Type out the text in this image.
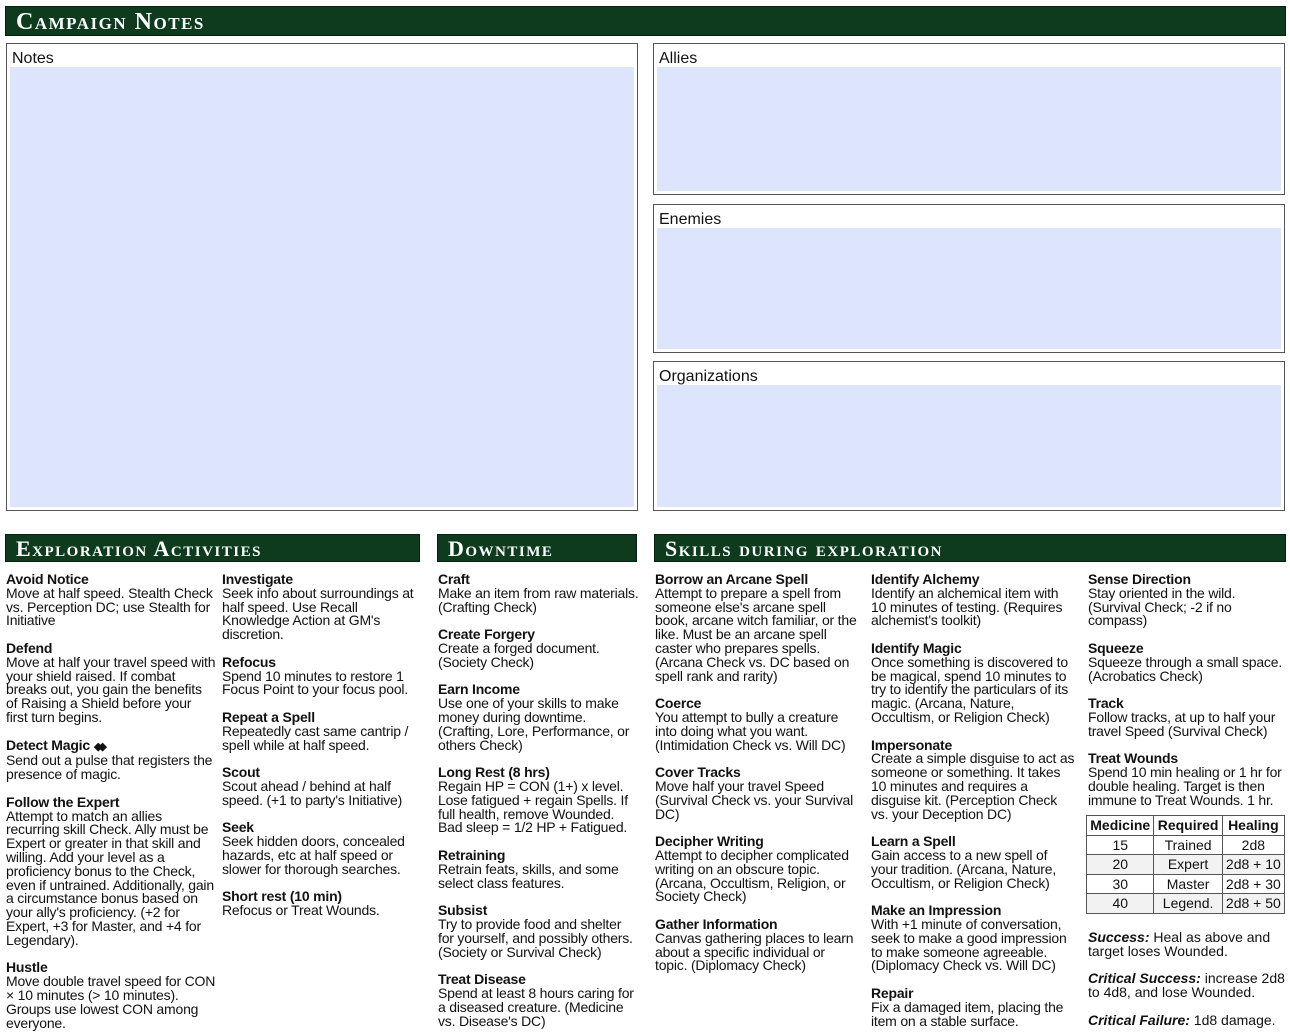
Campaign Notes
Notes	Allies
Enemies
Organizations
Exploration Activities	Downtime	Skills during exploration
Avoid Notice
Move at half speed. Stealth Check vs. Perception DC; use Stealth for Initiative
Defend
Move at half your travel speed with your shield raised. If combat breaks out, you gain the benefits of Raising a Shield before your first turn begins.
Detect Magic ◆◆
Send out a pulse that registers the presence of magic.
Follow the Expert
Attempt to match an allies recurring skill Check. Ally must be Expert or greater in that skill and willing. Add your level as a proficiency bonus to the Check, even if untrained. Additionally, gain a circumstance bonus based on your ally's proficiency. (+2 for Expert, +3 for Master, and +4 for Legendary).
Hustle
Move double travel speed for CON × 10 minutes (> 10 minutes). Groups use lowest CON among everyone.
Investigate
Seek info about surroundings at half speed. Use Recall Knowledge Action at GM's discretion.
Refocus
Spend 10 minutes to restore 1 Focus Point to your focus pool.
Repeat a Spell
Repeatedly cast same cantrip / spell while at half speed.
Scout
Scout ahead / behind at half speed. (+1 to party's Initiative)
Seek
Seek hidden doors, concealed hazards, etc at half speed or slower for thorough searches.
Short rest (10 min)
Refocus or Treat Wounds.
Craft
Make an item from raw materials. (Crafting Check)
Create Forgery
Create a forged document. (Society Check)
Earn Income
Use one of your skills to make money during downtime. (Crafting, Lore, Performance, or others Check)
Long Rest (8 hrs)
Regain HP = CON (1+) x level. Lose fatigued + regain Spells. If full health, remove Wounded. Bad sleep = 1/2 HP + Fatigued.
Retraining
Retrain feats, skills, and some select class features.
Subsist
Try to provide food and shelter for yourself, and possibly others. (Society or Survival Check)
Treat Disease
Spend at least 8 hours caring for a diseased creature. (Medicine vs. Disease's DC)
Borrow an Arcane Spell
Attempt to prepare a spell from someone else's arcane spell book, arcane witch familiar, or the like. Must be an arcane spell caster who prepares spells. (Arcana Check vs. DC based on spell rank and rarity)
Coerce
You attempt to bully a creature into doing what you want. (Intimidation Check vs. Will DC)
Cover Tracks
Move half your travel Speed (Survival Check vs. your Survival DC)
Decipher Writing
Attempt to decipher complicated writing on an obscure topic. (Arcana, Occultism, Religion, or Society Check)
Gather Information
Canvas gathering places to learn about a specific individual or topic. (Diplomacy Check)
Identify Alchemy
Identify an alchemical item with 10 minutes of testing. (Requires alchemist's toolkit)
Identify Magic
Once something is discovered to be magical, spend 10 minutes to try to identify the particulars of its magic. (Arcana, Nature, Occultism, or Religion Check)
Impersonate
Create a simple disguise to act as someone or something. It takes 10 minutes and requires a disguise kit. (Perception Check vs. your Deception DC)
Learn a Spell
Gain access to a new spell of your tradition. (Arcana, Nature, Occultism, or Religion Check)
Make an Impression
With +1 minute of conversation, seek to make a good impression to make someone agreeable. (Diplomacy Check vs. Will DC)
Repair
Fix a damaged item, placing the item on a stable surface.
Sense Direction
Stay oriented in the wild. (Survival Check; -2 if no compass)
Squeeze
Squeeze through a small space. (Acrobatics Check)
Track
Follow tracks, at up to half your travel Speed (Survival Check)
Treat Wounds
Spend 10 min healing or 1 hr for double healing. Target is then immune to Treat Wounds. 1 hr.
Medicine	Required	Healing
15	Trained	2d8
20	Expert	2d8 + 10
30	Master	2d8 + 30
40	Legend.	2d8 + 50
Success: Heal as above and target loses Wounded.
Critical Success: increase 2d8 to 4d8, and lose Wounded.
Critical Failure: 1d8 damage.
